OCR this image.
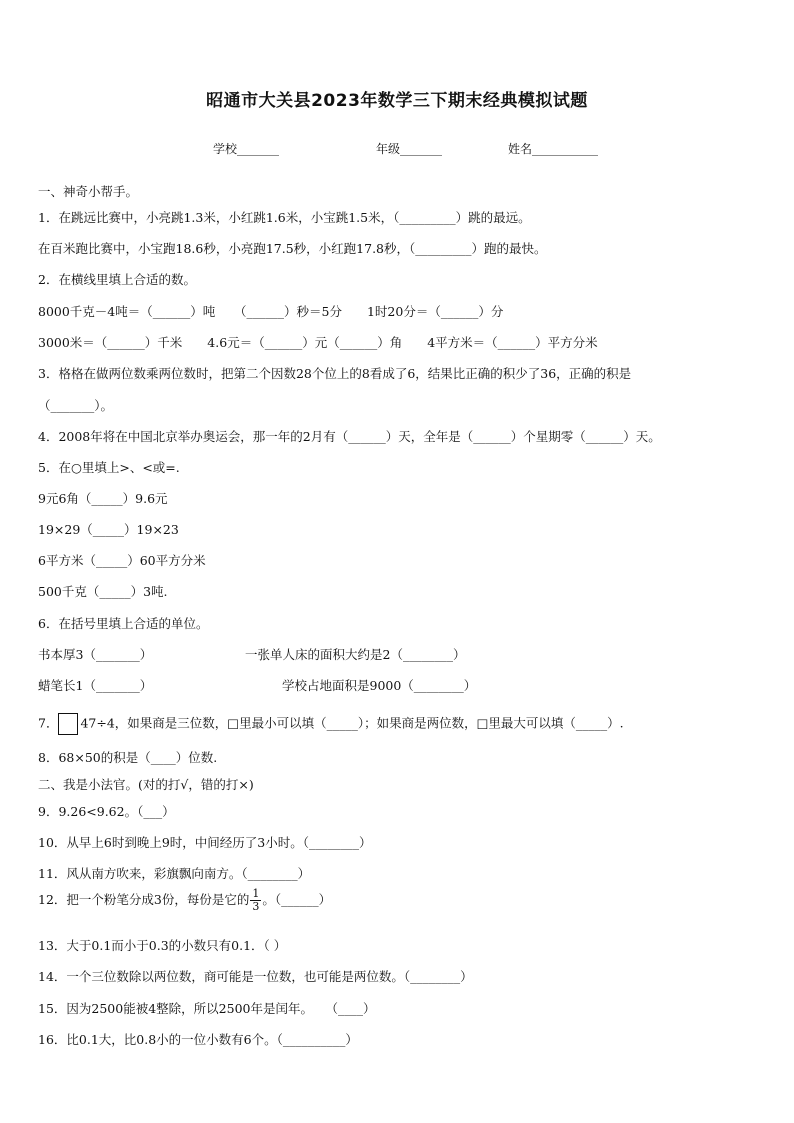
昭通市大关县2023年数学三下期末经典模拟试题
学校_______	年级_______	姓名___________
一、神奇小帮手。
1．在跳远比赛中，小亮跳1.3米，小红跳1.6米，小宝跳1.5米，（_________）跳的最远。
在百米跑比赛中，小宝跑18.6秒，小亮跑17.5秒，小红跑17.8秒，（_________）跑的最快。
2．在横线里填上合适的数。
8000千克－4吨＝（______）吨　　（______）秒＝5分　　1时20分＝（______）分
3000米＝（______）千米　　4.6元＝（______）元（______）角　　4平方米＝（______）平方分米
3．格格在做两位数乘两位数时，把第二个因数28个位上的8看成了6，结果比正确的积少了36，正确的积是
（_______）。
4．2008年将在中国北京举办奥运会，那一年的2月有（______）天，全年是（______）个星期零（______）天。
5．在○里填上>、<或=.
9元6角（_____）9.6元
19×29（_____）19×23
6平方米（_____）60平方分米
500千克（_____）3吨.
6．在括号里填上合适的单位。
书本厚3（_______）	一张单人床的面积大约是2（________）
蜡笔长1（_______）	学校占地面积是9000（________）
7． 47÷4，如果商是三位数，□里最小可以填（_____）；如果商是两位数，□里最大可以填（_____）.
8．68×50的积是（____）位数.
二、我是小法官。(对的打√，错的打×)
9．9.26<9.62。（___）
10．从早上6时到晚上9时，中间经历了3小时。（________）
11．风从南方吹来，彩旗飘向南方。（________）
12．把一个粉笔分成3份，每份是它的 $\frac{1}{3}$ 。（______）
13．大于0.1而小于0.3的小数只有0.1．（ ）
14．一个三位数除以两位数，商可能是一位数，也可能是两位数。（________）
15．因为2500能被4整除，所以2500年是闰年。　　（____）
16．比0.1大，比0.8小的一位小数有6个。（__________）
